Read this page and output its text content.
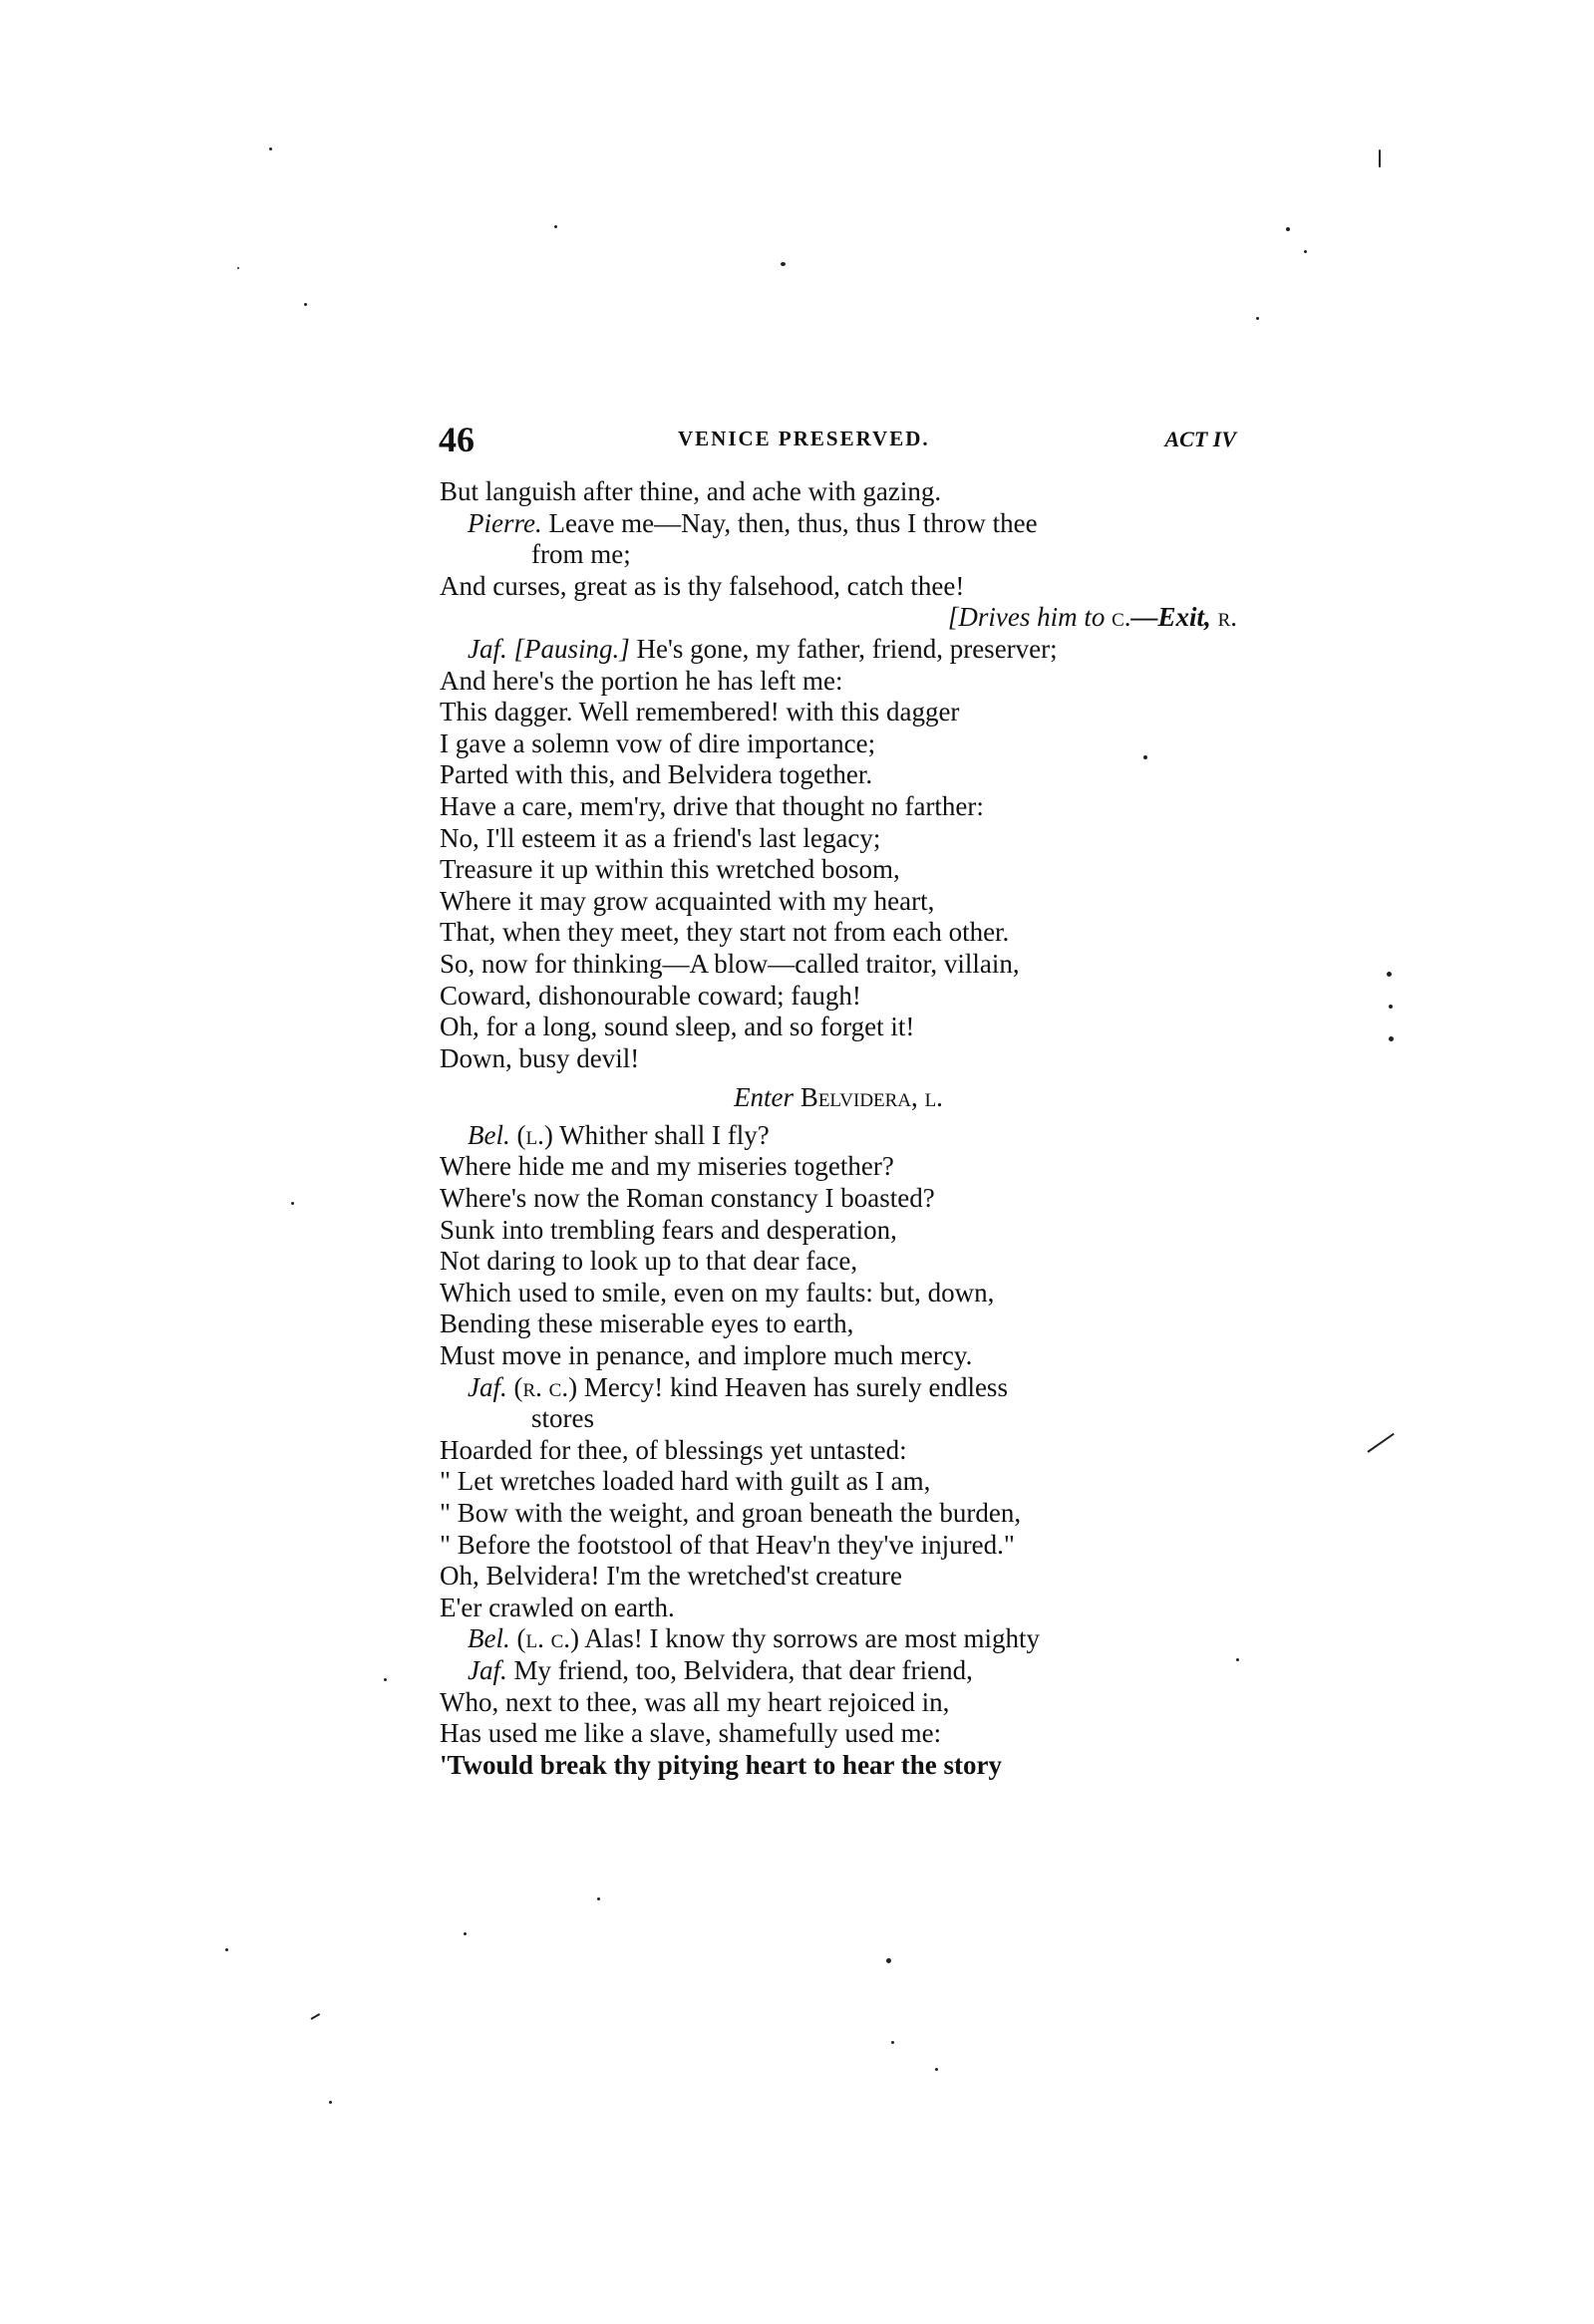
46	VENICE PRESERVED.	ACT IV
But languish after thine, and ache with gazing.
Pierre. Leave me—Nay, then, thus, thus I throw thee
from me;
And curses, great as is thy falsehood, catch thee!
[Drives him to c.—Exit, r.
Jaf. [Pausing.] He's gone, my father, friend, preserver;
And here's the portion he has left me:
This dagger. Well remembered! with this dagger
I gave a solemn vow of dire importance;
Parted with this, and Belvidera together.
Have a care, mem'ry, drive that thought no farther:
No, I'll esteem it as a friend's last legacy;
Treasure it up within this wretched bosom,
Where it may grow acquainted with my heart,
That, when they meet, they start not from each other.
So, now for thinking—A blow—called traitor, villain,
Coward, dishonourable coward; faugh!
Oh, for a long, sound sleep, and so forget it!
Down, busy devil!
Enter Belvidera, l.
Bel. (l.) Whither shall I fly?
Where hide me and my miseries together?
Where's now the Roman constancy I boasted?
Sunk into trembling fears and desperation,
Not daring to look up to that dear face,
Which used to smile, even on my faults: but, down,
Bending these miserable eyes to earth,
Must move in penance, and implore much mercy.
Jaf. (r. c.) Mercy! kind Heaven has surely endless
stores
Hoarded for thee, of blessings yet untasted:
" Let wretches loaded hard with guilt as I am,
" Bow with the weight, and groan beneath the burden,
" Before the footstool of that Heav'n they've injured."
Oh, Belvidera! I'm the wretched'st creature
E'er crawled on earth.
Bel. (l. c.) Alas! I know thy sorrows are most mighty
Jaf. My friend, too, Belvidera, that dear friend,
Who, next to thee, was all my heart rejoiced in,
Has used me like a slave, shamefully used me:
'Twould break thy pitying heart to hear the story
